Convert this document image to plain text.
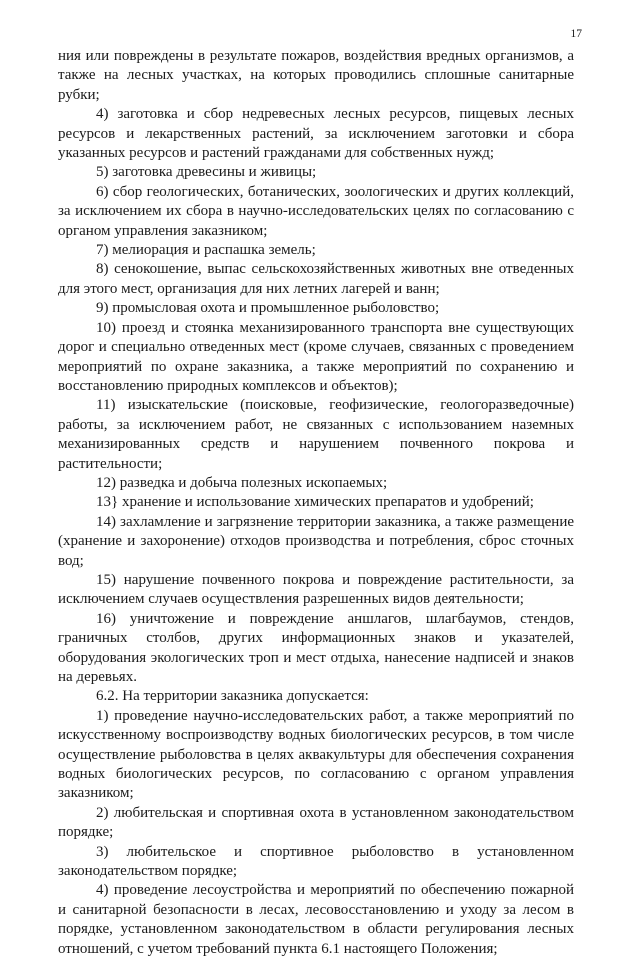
17

ния или повреждены в результате пожаров, воздействия вредных организмов, а также на лесных участках, на которых проводились сплошные санитарные рубки;

4) заготовка и сбор недревесных лесных ресурсов, пищевых лесных ресурсов и лекарственных растений, за исключением заготовки и сбора указанных ресурсов и растений гражданами для собственных нужд;

5) заготовка древесины и живицы;

6) сбор геологических, ботанических, зоологических и других коллекций, за исключением их сбора в научно-исследовательских целях по согласованию с органом управления заказником;

7) мелиорация и распашка земель;

8) сенокошение, выпас сельскохозяйственных животных вне отведенных для этого мест, организация для них летних лагерей и ванн;

9) промысловая охота и промышленное рыболовство;

10) проезд и стоянка механизированного транспорта вне существующих дорог и специально отведенных мест (кроме случаев, связанных с проведением мероприятий по охране заказника, а также мероприятий по сохранению и восстановлению природных комплексов и объектов);

11) изыскательские (поисковые, геофизические, геологоразведочные) работы, за исключением работ, не связанных с использованием наземных механизированных средств и нарушением почвенного покрова и растительности;

12) разведка и добыча полезных ископаемых;

13} хранение и использование химических препаратов и удобрений;

14) захламление и загрязнение территории заказника, а также размещение (хранение и захоронение) отходов производства и потребления, сброс сточных вод;

15) нарушение почвенного покрова и повреждение растительности, за исключением случаев осуществления разрешенных видов деятельности;

16) уничтожение и повреждение аншлагов, шлагбаумов, стендов, граничных столбов, других информационных знаков и указателей, оборудования экологических троп и мест отдыха, нанесение надписей и знаков на деревьях.

6.2. На территории заказника допускается:

1) проведение научно-исследовательских работ, а также мероприятий по искусственному воспроизводству водных биологических ресурсов, в том числе осуществление рыболовства в целях аквакультуры для обеспечения сохранения водных биологических ресурсов, по согласованию с органом управления заказником;

2) любительская и спортивная охота в установленном законодательством порядке;

3) любительское и спортивное рыболовство в установленном законодательством порядке;

4) проведение лесоустройства и мероприятий по обеспечению пожарной и санитарной безопасности в лесах, лесовосстановлению и уходу за лесом в порядке, установленном законодательством в области регулирования лесных отношений, с учетом требований пункта 6.1 настоящего Положения;
